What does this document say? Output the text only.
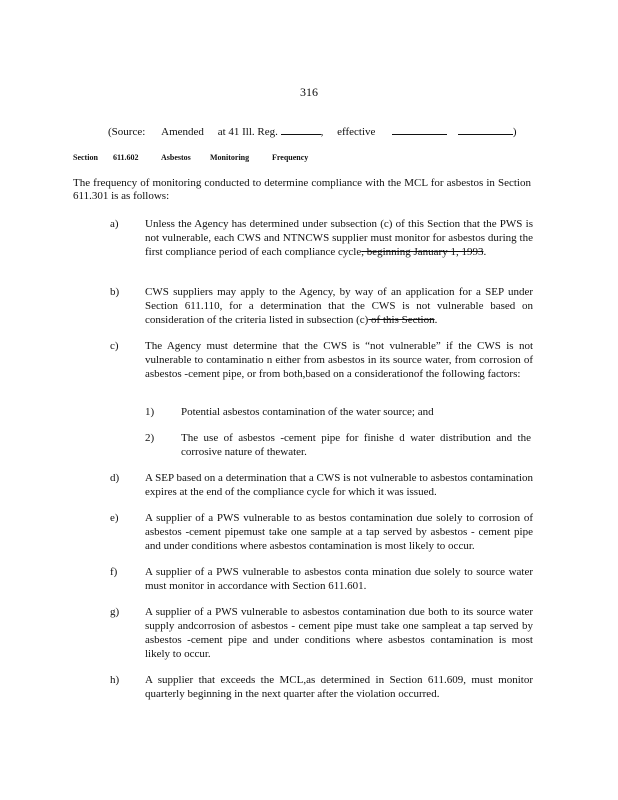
316
(Source: Amended at 41 Ill. Reg.	, effective	)
Section 611.602	Asbestos Monitoring	Frequency
The frequency of monitoring conducted to determine compliance with the MCL for asbestos in Section 611.301 is as follows:
a) Unless the Agency has determined under subsection (c) of this Section that the PWS is not vulnerable, each CWS and NTNCWS supplier must monitor for asbestos during the first compliance period of each compliance cycle, beginning January 1, 1993.
b) CWS suppliers may apply to the Agency, by way of an application for a SEP under Section 611.110, for a determination that the CWS is not vulnerable based on consideration of the criteria listed in subsection (c) of this Section.
c) The Agency must determine that the CWS is “not vulnerable” if the CWS is not vulnerable to contaminatio n either from asbestos in its source water, from corrosion of asbestos -cement pipe, or from both,based on a considerationof the following factors:
1) Potential asbestos contamination of the water source; and
2) The use of asbestos -cement pipe for finishe d water distribution and the corrosive nature of thewater.
d) A SEP based on a determination that a CWS is not vulnerable to asbestos contamination expires at the end of the compliance cycle for which it was issued.
e) A supplier of a PWS vulnerable to as bestos contamination due solely to corrosion of asbestos -cement pipemust take one sample at a tap served by asbestos - cement pipe and under conditions where asbestos contamination is most likely to occur.
f)	A supplier of a PWS vulnerable to asbestos conta mination due solely to source water must monitor in accordance with Section 611.601.
g) A supplier of a PWS vulnerable to asbestos contamination due both to its source water supply andcorrosion of asbestos - cement pipe must take one sampleat a tap served by asbestos -cement pipe and under conditions where asbestos contamination is most likely to occur.
h) A supplier that exceeds the MCL,as determined in Section 611.609, must monitor quarterly beginning in the next quarter after the violation occurred.
